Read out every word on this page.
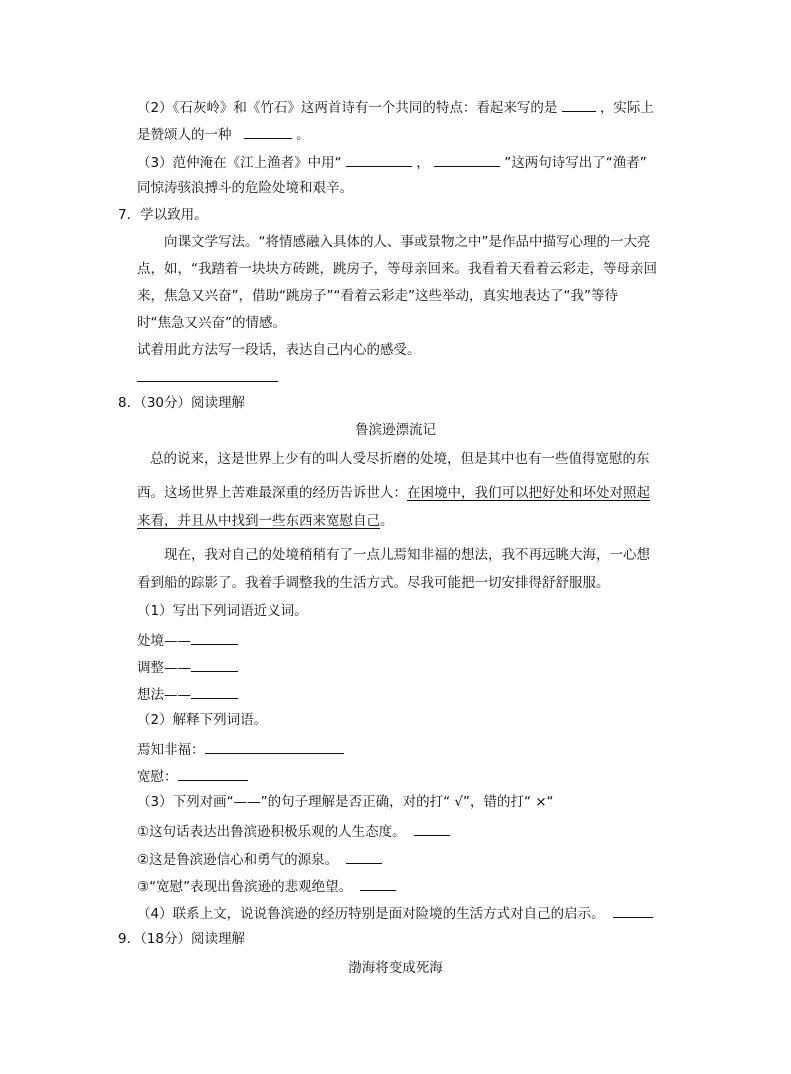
（2）《石灰岭》和《竹石》这两首诗有一个共同的特点：看起来写的是	，实际上
是赞颂人的一种	。
（3）范仲淹在《江上渔者》中用“	，	”这两句诗写出了“渔者”
同惊涛骇浪搏斗的危险处境和艰辛。
7．学以致用。
向课文学写法。“将情感融入具体的人、事或景物之中”是作品中描写心理的一大亮
点，如，“我踏着一块块方砖跳，跳房子，等母亲回来。我看着天看着云彩走，等母亲回
来，焦急又兴奋”，借助“跳房子”“看着云彩走”这些举动，真实地表达了“我”等待
时“焦急又兴奋”的情感。
试着用此方法写一段话，表达自己内心的感受。
8．（30分）阅读理解
鲁滨逊漂流记
总的说来，这是世界上少有的叫人受尽折磨的处境，但是其中也有一些值得宽慰的东
西。这场世界上苦难最深重的经历告诉世人：在困境中，我们可以把好处和坏处对照起
来看，并且从中找到一些东西来宽慰自己。
现在，我对自己的处境稍稍有了一点儿焉知非福的想法，我不再远眺大海，一心想
看到船的踪影了。我着手调整我的生活方式。尽我可能把一切安排得舒舒服服。
（1）写出下列词语近义词。
处境——
调整——
想法——
（2）解释下列词语。
焉知非福：
宽慰：
（3）下列对画“——”的句子理解是否正确，对的打“ √”，错的打“ ×“
①这句话表达出鲁滨逊积极乐观的人生态度。
②这是鲁滨逊信心和勇气的源泉。
③“宽慰”表现出鲁滨逊的悲观绝望。
（4）联系上文，说说鲁滨逊的经历特别是面对险境的生活方式对自己的启示。
9．（18分）阅读理解
渤海将变成死海
